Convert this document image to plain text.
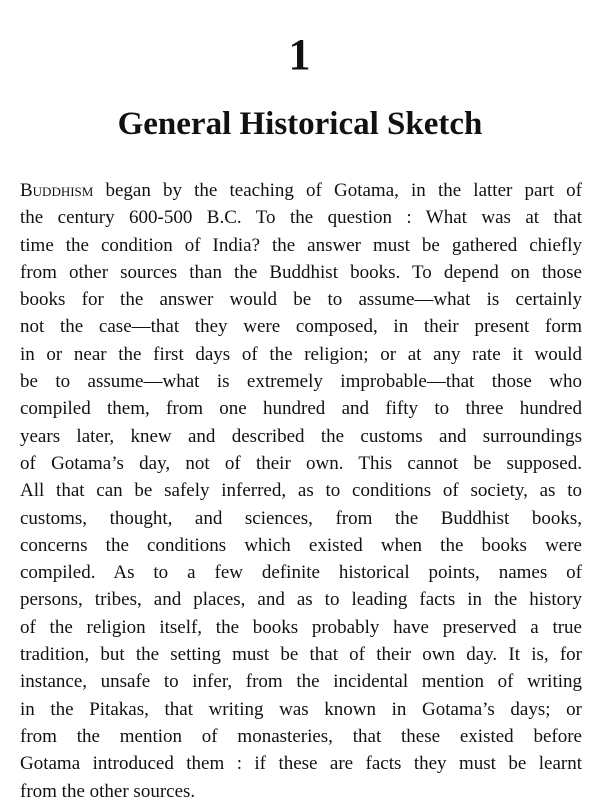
1
General Historical Sketch
Buddhism began by the teaching of Gotama, in the latter part of
the century 600-500 B.C. To the question : What was at that
time the condition of India? the answer must be gathered chiefly
from other sources than the Buddhist books. To depend on those
books for the answer would be to assume—what is certainly
not the case—that they were composed, in their present form
in or near the first days of the religion; or at any rate it would
be to assume—what is extremely improbable—that those who
compiled them, from one hundred and fifty to three hundred
years later, knew and described the customs and surroundings
of Gotama’s day, not of their own. This cannot be supposed.
All that can be safely inferred, as to conditions of society, as to
customs, thought, and sciences, from the Buddhist books,
concerns the conditions which existed when the books were
compiled. As to a few definite historical points, names of
persons, tribes, and places, and as to leading facts in the history
of the religion itself, the books probably have preserved a true
tradition, but the setting must be that of their own day. It is, for
instance, unsafe to infer, from the incidental mention of writing
in the Pitakas, that writing was known in Gotama’s days; or
from the mention of monasteries, that these existed before
Gotama introduced them : if these are facts they must be learnt
from the other sources.
